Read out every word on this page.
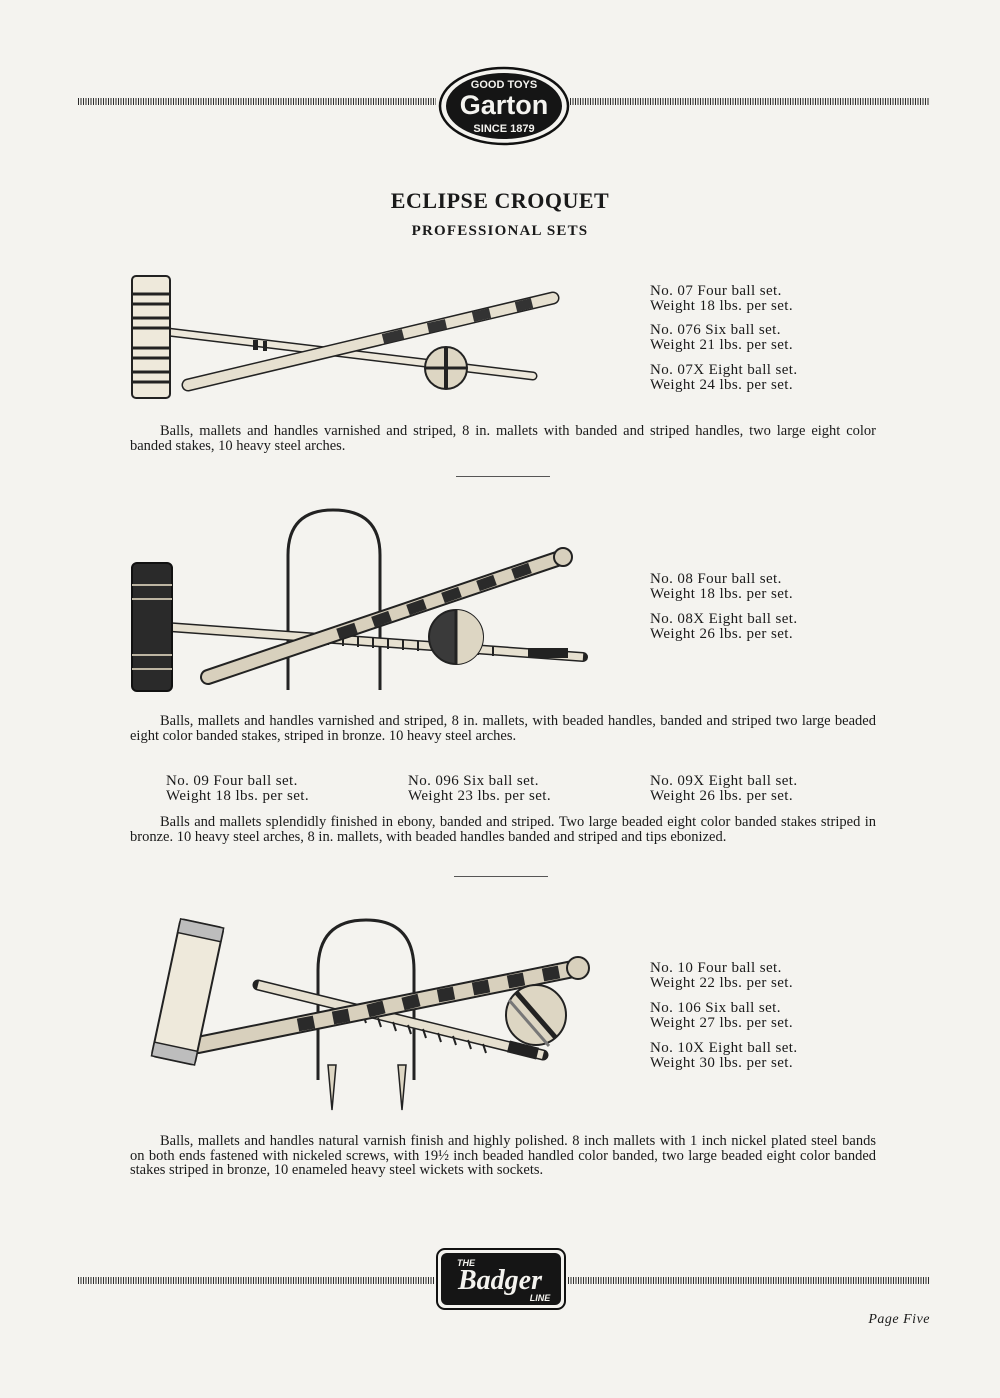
GOOD TOYS
Garton
SINCE 1879
ECLIPSE CROQUET
PROFESSIONAL SETS
No. 07 Four ball set.
Weight 18 lbs. per set.
No. 076 Six ball set.
Weight 21 lbs. per set.
No. 07X Eight ball set.
Weight 24 lbs. per set.
Balls, mallets and handles varnished and striped, 8 in. mallets with banded and striped handles, two large eight color banded stakes, 10 heavy steel arches.
No. 08 Four ball set.
Weight 18 lbs. per set.
No. 08X Eight ball set.
Weight 26 lbs. per set.
Balls, mallets and handles varnished and striped, 8 in. mallets, with beaded handles, banded and striped two large beaded eight color banded stakes, striped in bronze. 10 heavy steel arches.
No. 09 Four ball set.
Weight 18 lbs. per set.
No. 096 Six ball set.
Weight 23 lbs. per set.
No. 09X Eight ball set.
Weight 26 lbs. per set.
Balls and mallets splendidly finished in ebony, banded and striped. Two large beaded eight color banded stakes striped in bronze. 10 heavy steel arches, 8 in. mallets, with beaded handles banded and striped and tips ebonized.
No. 10 Four ball set.
Weight 22 lbs. per set.
No. 106 Six ball set.
Weight 27 lbs. per set.
No. 10X Eight ball set.
Weight 30 lbs. per set.
Balls, mallets and handles natural varnish finish and highly polished. 8 inch mallets with 1 inch nickel plated steel bands on both ends fastened with nickeled screws, with 19½ inch beaded handled color banded, two large beaded eight color banded stakes striped in bronze, 10 enameled heavy steel wickets with sockets.
THE
Badger
LINE
Page Five
